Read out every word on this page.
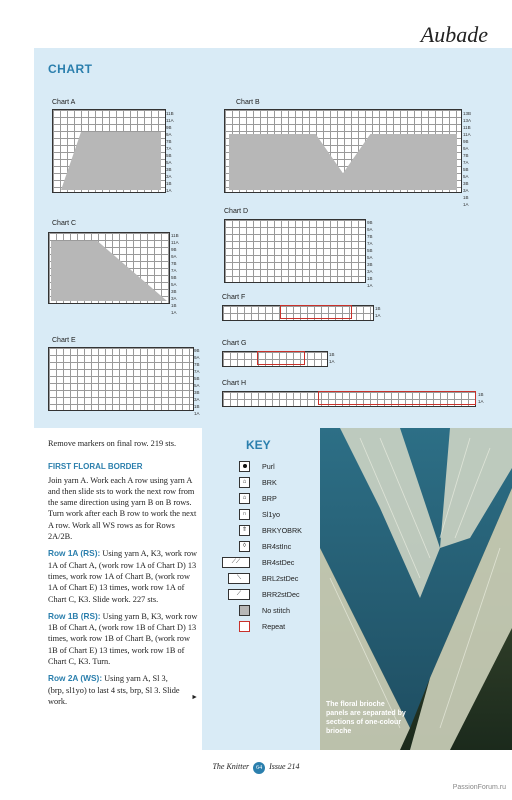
Aubade
CHART
Chart A
11B
11A
9B
9A
7B
7A
5B
5A
3B
3A
1B
1A
Chart B
13B
13A
11B
11A
9B
9A
7B
7A
5B
5A
3B
3A
1B
1A
Chart C
11B
11A
9B
9A
7B
7A
5B
5A
3B
3A
1B
1A
Chart D
9B
9A
7B
7A
5B
5A
3B
3A
1B
1A
Chart E
9B
9A
7B
7A
5B
5A
3B
3A
1B
1A
Chart F
1B
1A
Chart G
1B
1A
Chart H
1B
1A

Remove markers on final row. 219 sts.

FIRST FLORAL BORDER

Join yarn A. Work each A row using yarn A and then slide sts to work the next row from the same direction using yarn B on B rows. Turn work after each B row to work the next A row. Work all WS rows as for Rows 2A/2B.

Row 1A (RS): Using yarn A, K3, work row 1A of Chart A, (work row 1A of Chart D) 13 times, work row 1A of Chart B, (work row 1A of Chart E) 13 times, work row 1A of Chart C, K3. Slide work. 227 sts.

Row 1B (RS): Using yarn B, K3, work row 1B of Chart A, (work row 1B of Chart D) 13 times, work row 1B of Chart B, (work row 1B of Chart E) 13 times, work row 1B of Chart C, K3. Turn.

Row 2A (WS): Using yarn A, Sl 3, (brp, sl1yo) to last 4 sts, brp, Sl 3. Slide work.	►

KEY
Purl
⌂	BRK
⌂	BRP
∩	Sl1yo
⇑	BRKYOBRK
◊	BR4stInc
⟋⟋	BR4stDec
⟍	BRL2stDec
⟋	BRR2stDec
No stitch
Repeat
The floral brioche panels are separated by sections of one-colour brioche
The Knitter 64 Issue 214
PassionForum.ru
